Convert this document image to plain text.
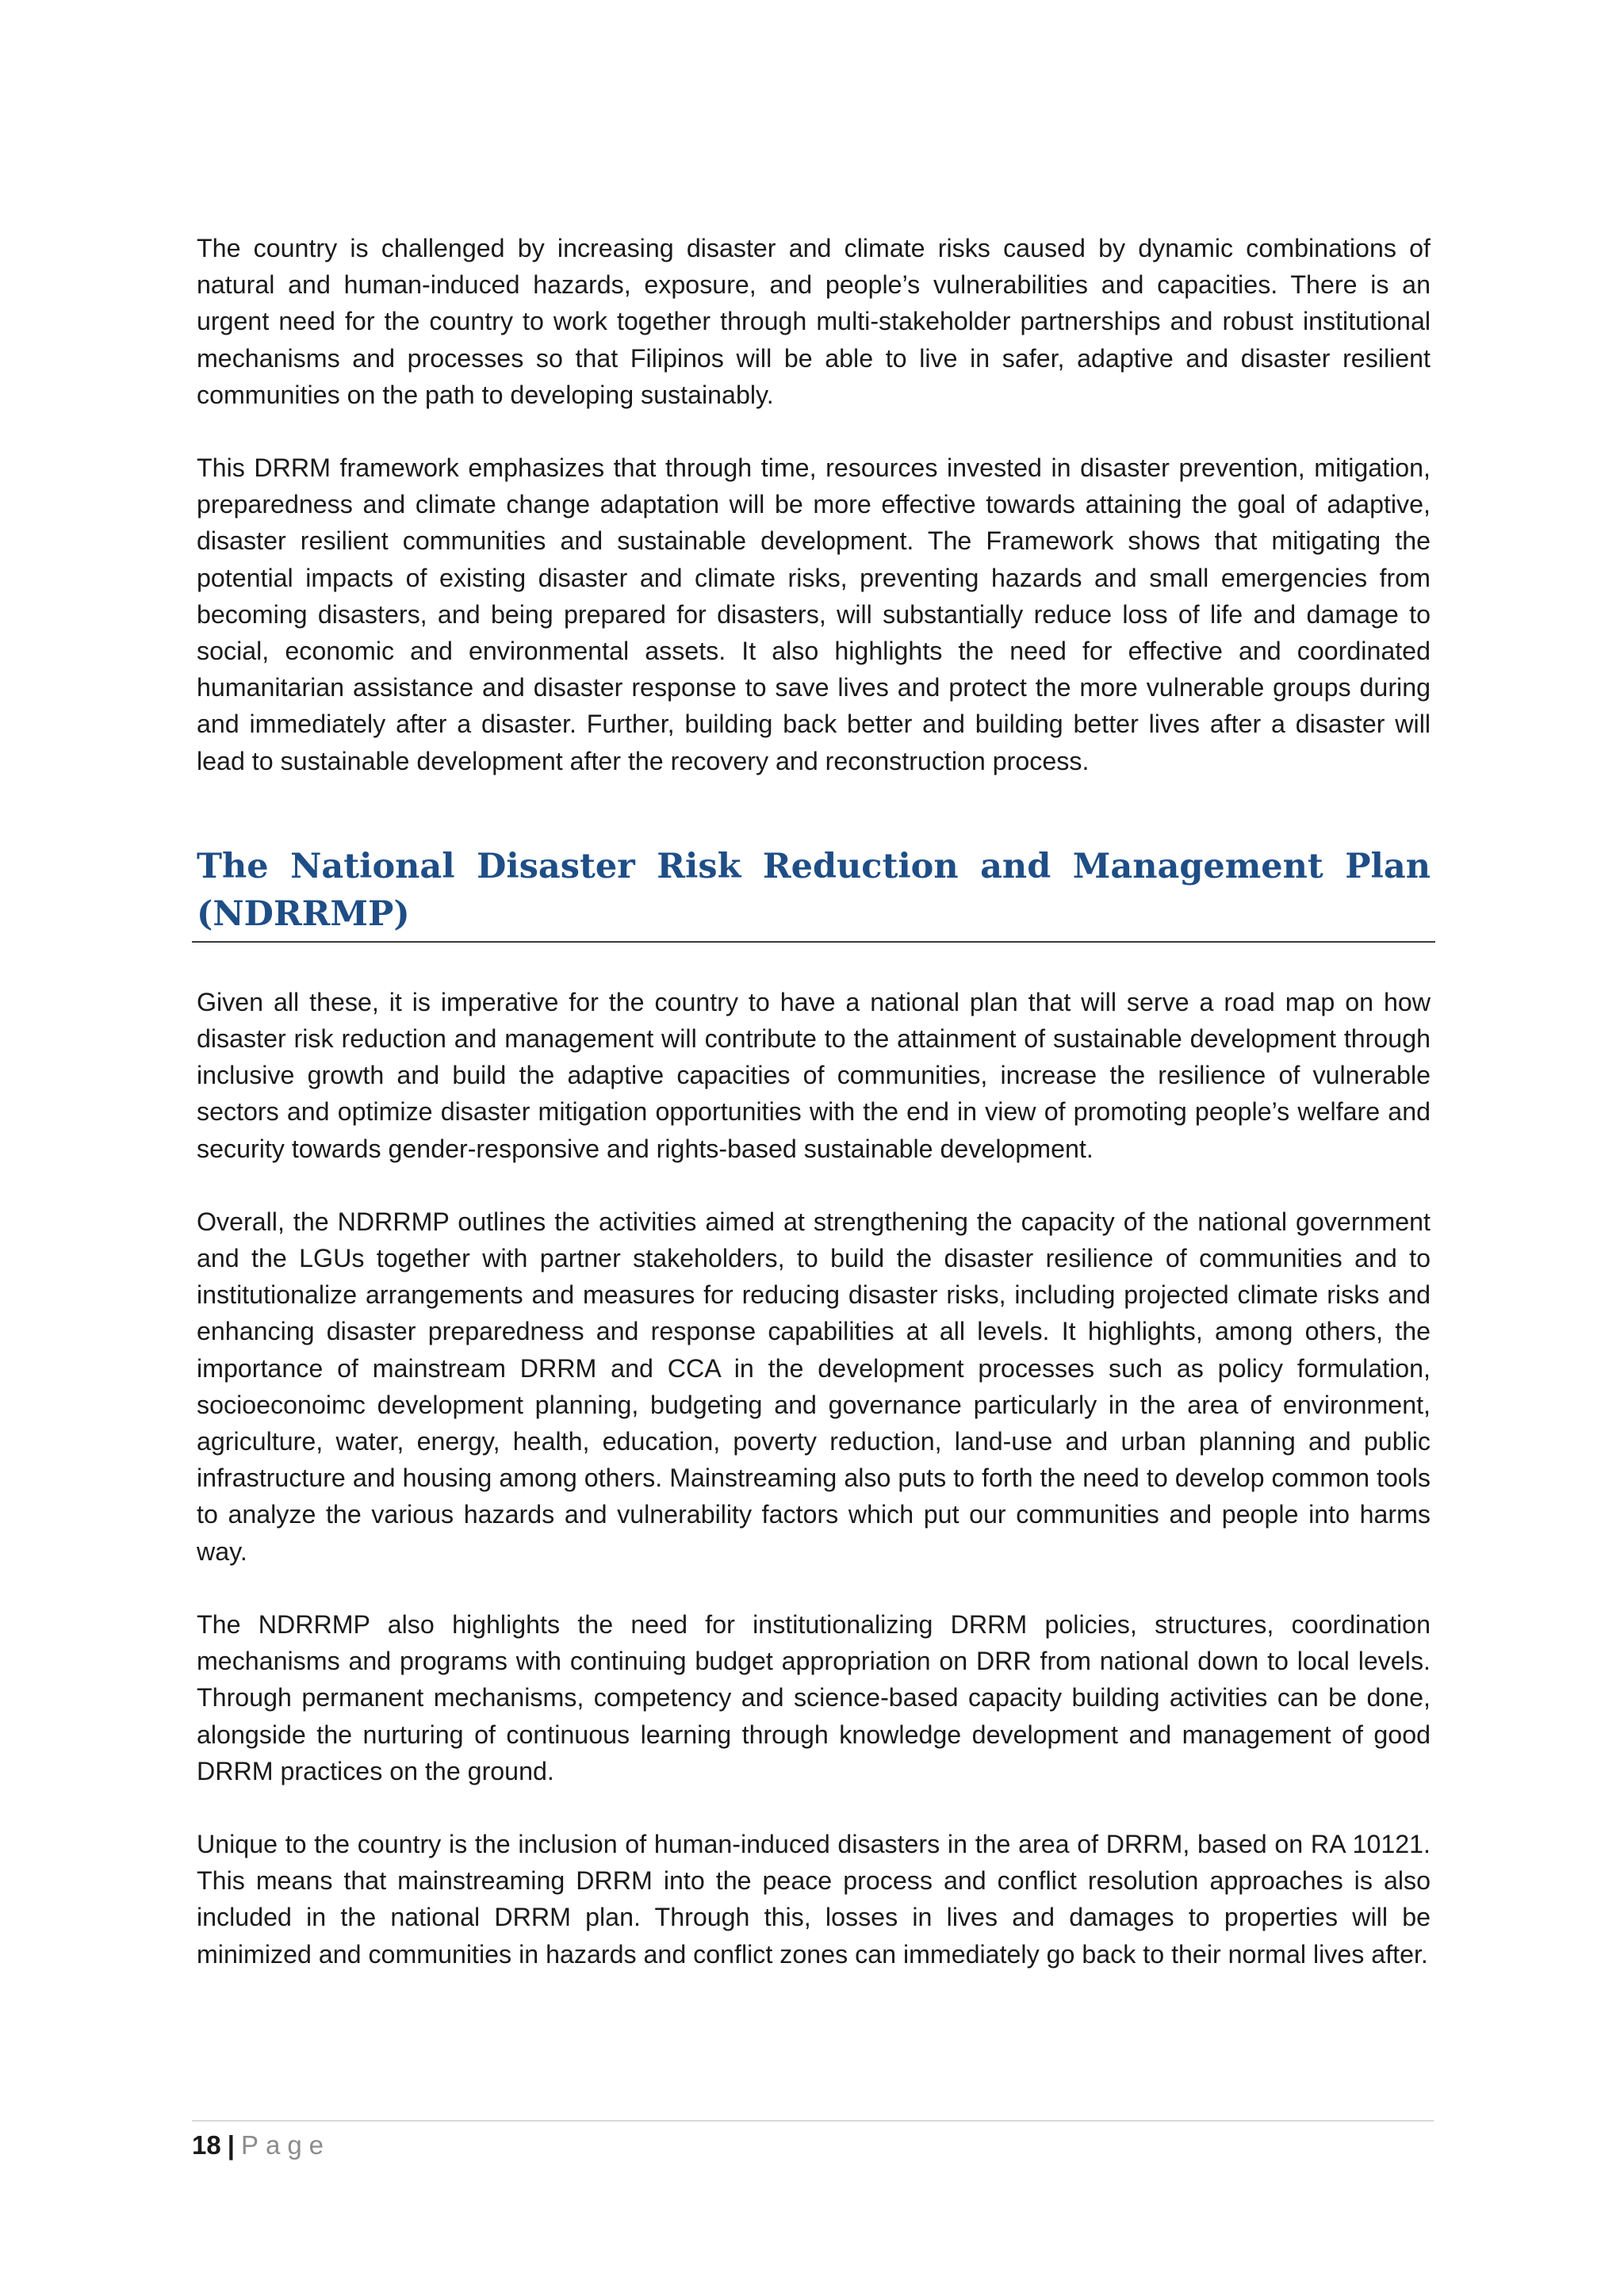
The country is challenged by increasing disaster and climate risks caused by dynamic combinations of natural and human-induced hazards, exposure, and people’s vulnerabilities and capacities. There is an urgent need for the country to work together through multi-stakeholder partnerships and robust institutional mechanisms and processes so that Filipinos will be able to live in safer, adaptive and disaster resilient communities on the path to developing sustainably.

This DRRM framework emphasizes that through time, resources invested in disaster prevention, mitigation, preparedness and climate change adaptation will be more effective towards attaining the goal of adaptive, disaster resilient communities and sustainable development. The Framework shows that mitigating the potential impacts of existing disaster and climate risks, preventing hazards and small emergencies from becoming disasters, and being prepared for disasters, will substantially reduce loss of life and damage to social, economic and environmental assets. It also highlights the need for effective and coordinated humanitarian assistance and disaster response to save lives and protect the more vulnerable groups during and immediately after a disaster. Further, building back better and building better lives after a disaster will lead to sustainable development after the recovery and reconstruction process.

The National Disaster Risk Reduction and Management Plan (NDRRMP)

Given all these, it is imperative for the country to have a national plan that will serve a road map on how disaster risk reduction and management will contribute to the attainment of sustainable development through inclusive growth and build the adaptive capacities of communities, increase the resilience of vulnerable sectors and optimize disaster mitigation opportunities with the end in view of promoting people’s welfare and security towards gender-responsive and rights-based sustainable development.

Overall, the NDRRMP outlines the activities aimed at strengthening the capacity of the national government and the LGUs together with partner stakeholders, to build the disaster resilience of communities and to institutionalize arrangements and measures for reducing disaster risks, including projected climate risks and enhancing disaster preparedness and response capabilities at all levels. It highlights, among others, the importance of mainstream DRRM and CCA in the development processes such as policy formulation, socioeconoimc development planning, budgeting and governance particularly in the area of environment, agriculture, water, energy, health, education, poverty reduction, land-use and urban planning and public infrastructure and housing among others. Mainstreaming also puts to forth the need to develop common tools to analyze the various hazards and vulnerability factors which put our communities and people into harms way.

The NDRRMP also highlights the need for institutionalizing DRRM policies, structures, coordination mechanisms and programs with continuing budget appropriation on DRR from national down to local levels. Through permanent mechanisms, competency and science-based capacity building activities can be done, alongside the nurturing of continuous learning through knowledge development and management of good DRRM practices on the ground.

Unique to the country is the inclusion of human-induced disasters in the area of DRRM, based on RA 10121. This means that mainstreaming DRRM into the peace process and conflict resolution approaches is also included in the national DRRM plan. Through this, losses in lives and damages to properties will be minimized and communities in hazards and conflict zones can immediately go back to their normal lives after.

18 | Page
